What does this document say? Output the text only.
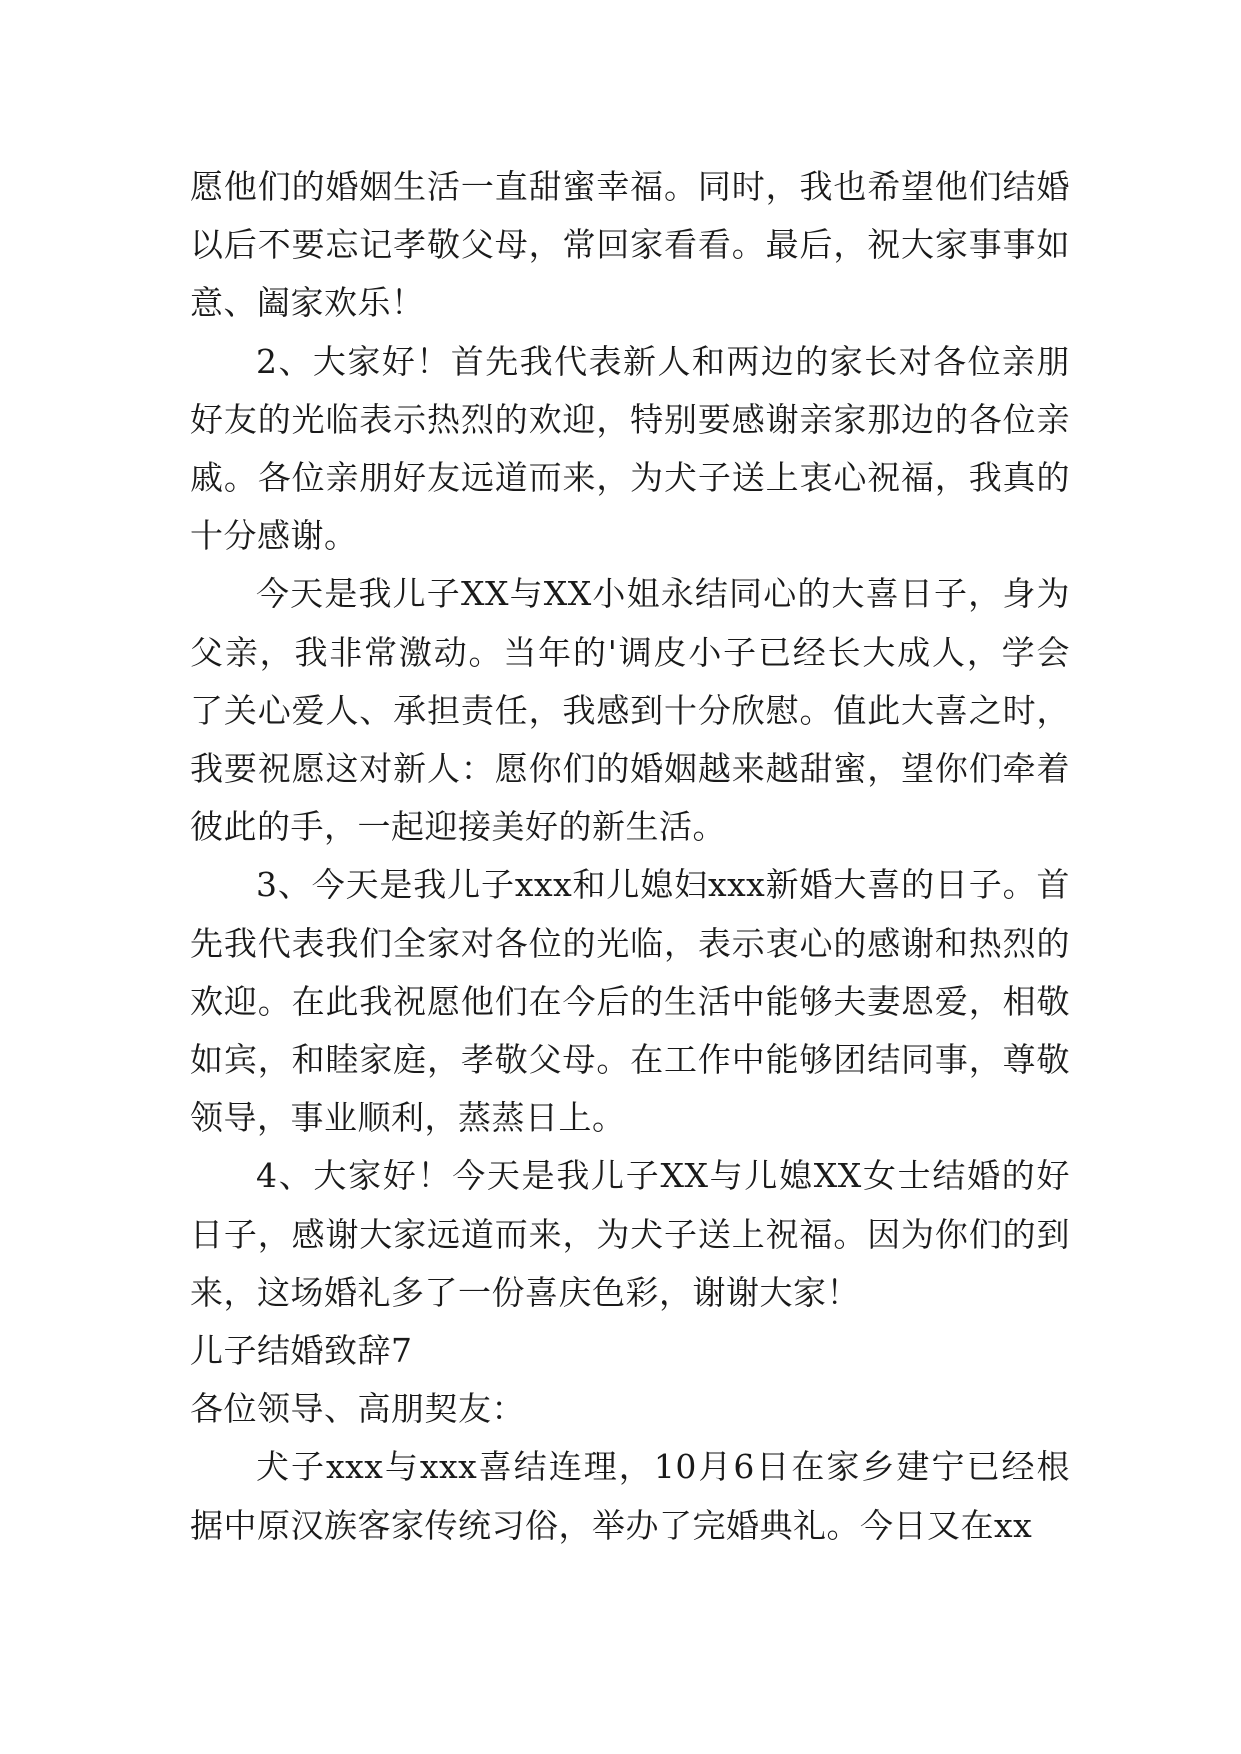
愿他们的婚姻生活一直甜蜜幸福。同时，我也希望他们结婚以后不要忘记孝敬父母，常回家看看。最后，祝大家事事如意、阖家欢乐！

2、大家好！首先我代表新人和两边的家长对各位亲朋好友的光临表示热烈的欢迎，特别要感谢亲家那边的各位亲戚。各位亲朋好友远道而来，为犬子送上衷心祝福，我真的十分感谢。

今天是我儿子XX与XX小姐永结同心的大喜日子，身为父亲，我非常激动。当年的'调皮小子已经长大成人，学会了关心爱人、承担责任，我感到十分欣慰。值此大喜之时，我要祝愿这对新人：愿你们的婚姻越来越甜蜜，望你们牵着彼此的手，一起迎接美好的新生活。

3、今天是我儿子xxx和儿媳妇xxx新婚大喜的日子。首先我代表我们全家对各位的光临，表示衷心的感谢和热烈的欢迎。在此我祝愿他们在今后的生活中能够夫妻恩爱，相敬如宾，和睦家庭，孝敬父母。在工作中能够团结同事，尊敬领导，事业顺利，蒸蒸日上。

4、大家好！今天是我儿子XX与儿媳XX女士结婚的好日子，感谢大家远道而来，为犬子送上祝福。因为你们的到来，这场婚礼多了一份喜庆色彩，谢谢大家！

儿子结婚致辞7

各位领导、高朋契友：

犬子xxx与xxx喜结连理，10月6日在家乡建宁已经根据中原汉族客家传统习俗，举办了完婚典礼。今日又在xx
